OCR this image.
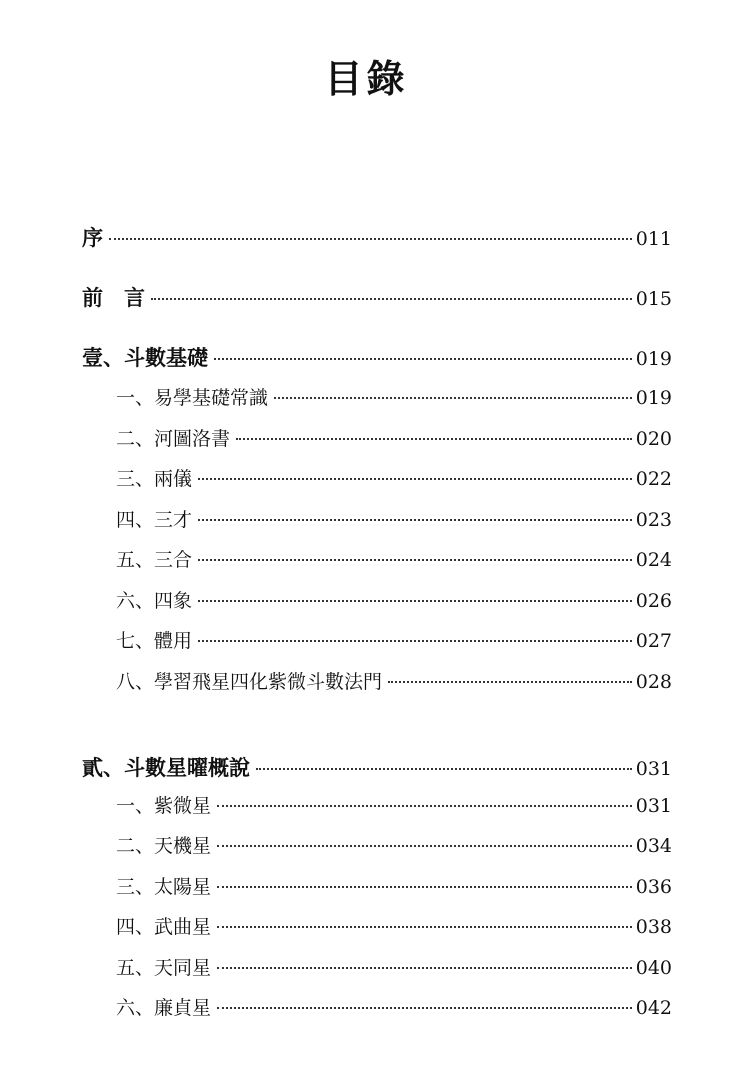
目錄
序	011
前　言	015
壹、斗數基礎	019
一、易學基礎常識	019
二、河圖洛書	020
三、兩儀	022
四、三才	023
五、三合	024
六、四象	026
七、體用	027
八、學習飛星四化紫微斗數法門	028
貳、斗數星曜概說	031
一、紫微星	031
二、天機星	034
三、太陽星	036
四、武曲星	038
五、天同星	040
六、廉貞星	042
